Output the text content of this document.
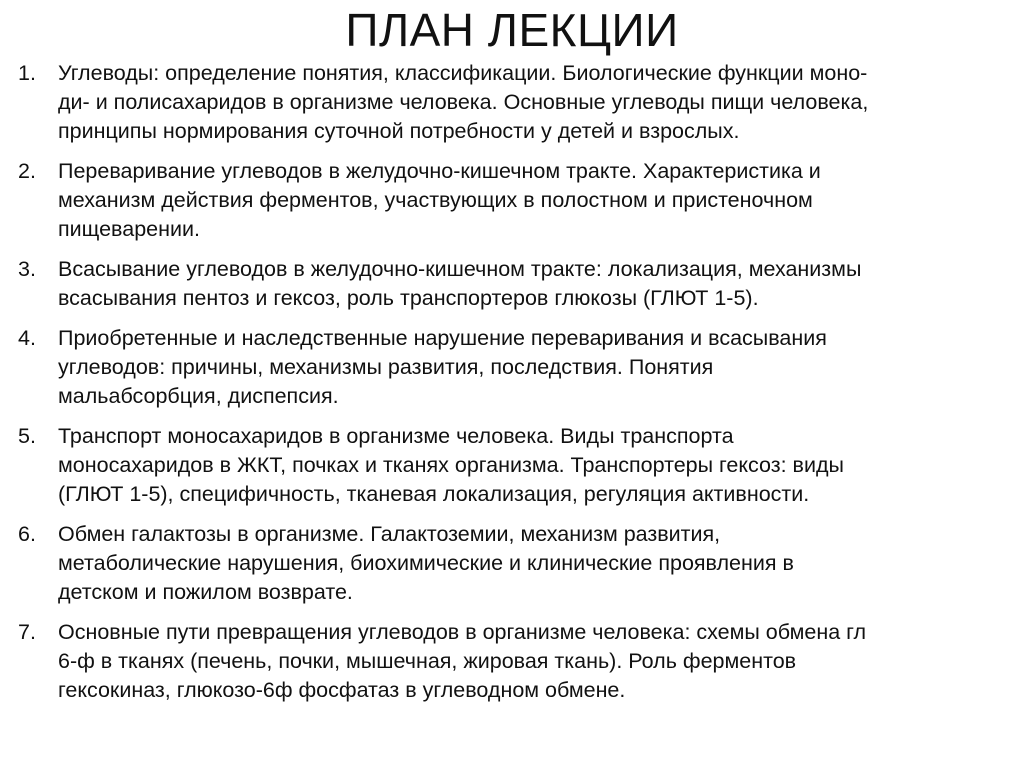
ПЛАН ЛЕКЦИИ
1. Углеводы: определение понятия, классификации. Биологические функции моно-
ди- и полисахаридов в организме человека. Основные углеводы пищи человека,
принципы нормирования суточной потребности у детей и взрослых.
2. Переваривание углеводов в желудочно-кишечном тракте. Характеристика и
механизм действия ферментов, участвующих в полостном и пристеночном
пищеварении.
3. Всасывание углеводов в желудочно-кишечном тракте: локализация, механизмы
всасывания пентоз и гексоз, роль транспортеров глюкозы (ГЛЮТ 1-5).
4. Приобретенные и наследственные нарушение переваривания и всасывания
углеводов: причины, механизмы развития, последствия. Понятия
мальабсорбция, диспепсия.
5. Транспорт моносахаридов в организме человека. Виды транспорта
моносахаридов в ЖКТ, почках и тканях организма. Транспортеры гексоз: виды
(ГЛЮТ 1-5), специфичность, тканевая локализация, регуляция активности.
6. Обмен галактозы в организме. Галактоземии, механизм развития,
метаболические нарушения, биохимические и клинические проявления в
детском и пожилом возврате.
7. Основные пути превращения углеводов в организме человека: схемы обмена гл
6-ф в тканях (печень, почки, мышечная, жировая ткань). Роль ферментов
гексокиназ, глюкозо-6ф фосфатаз в углеводном обмене.
